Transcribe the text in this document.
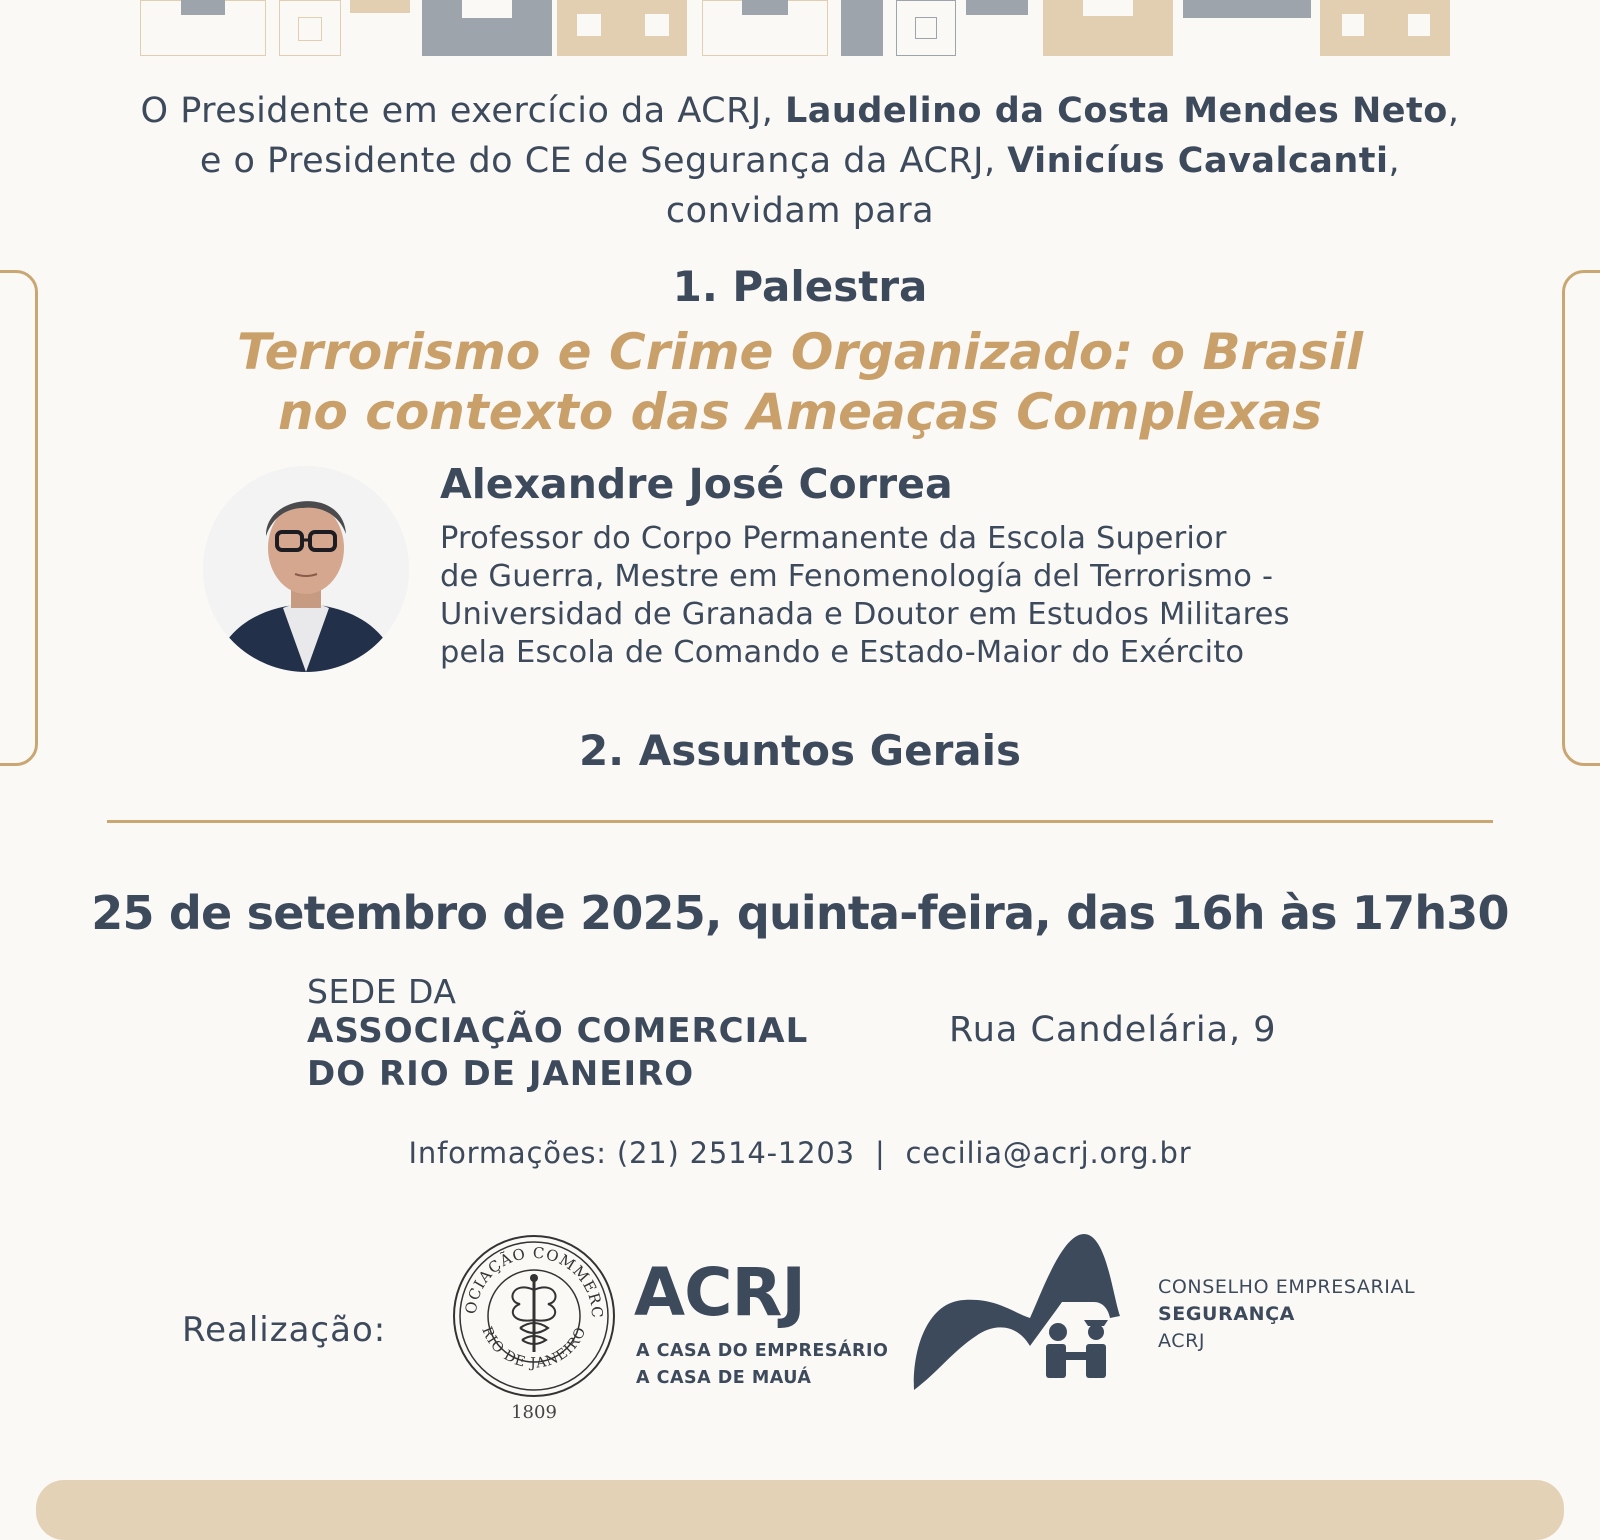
O Presidente em exercício da ACRJ, Laudelino da Costa Mendes Neto,
e o Presidente do CE de Segurança da ACRJ, Vinicíus Cavalcanti,
convidam para
1. Palestra
Terrorismo e Crime Organizado: o Brasil
no contexto das Ameaças Complexas
Alexandre José Correa
Professor do Corpo Permanente da Escola Superior
de Guerra, Mestre em Fenomenología del Terrorismo -
Universidad de Granada e Doutor em Estudos Militares
pela Escola de Comando e Estado-Maior do Exército
2. Assuntos Gerais
25 de setembro de 2025, quinta-feira, das 16h às 17h30
SEDE DA
ASSOCIAÇÃO COMERCIAL
DO RIO DE JANEIRO
Rua Candelária, 9
Informações: (21) 2514-1203  |  cecilia@acrj.org.br
Realização:
OCIAÇÃO COMMERC
RIO DE JANEIRO
1809
ACRJ
A CASA DO EMPRESÁRIO
A CASA DE MAUÁ
CONSELHO EMPRESARIAL
SEGURANÇA
ACRJ
